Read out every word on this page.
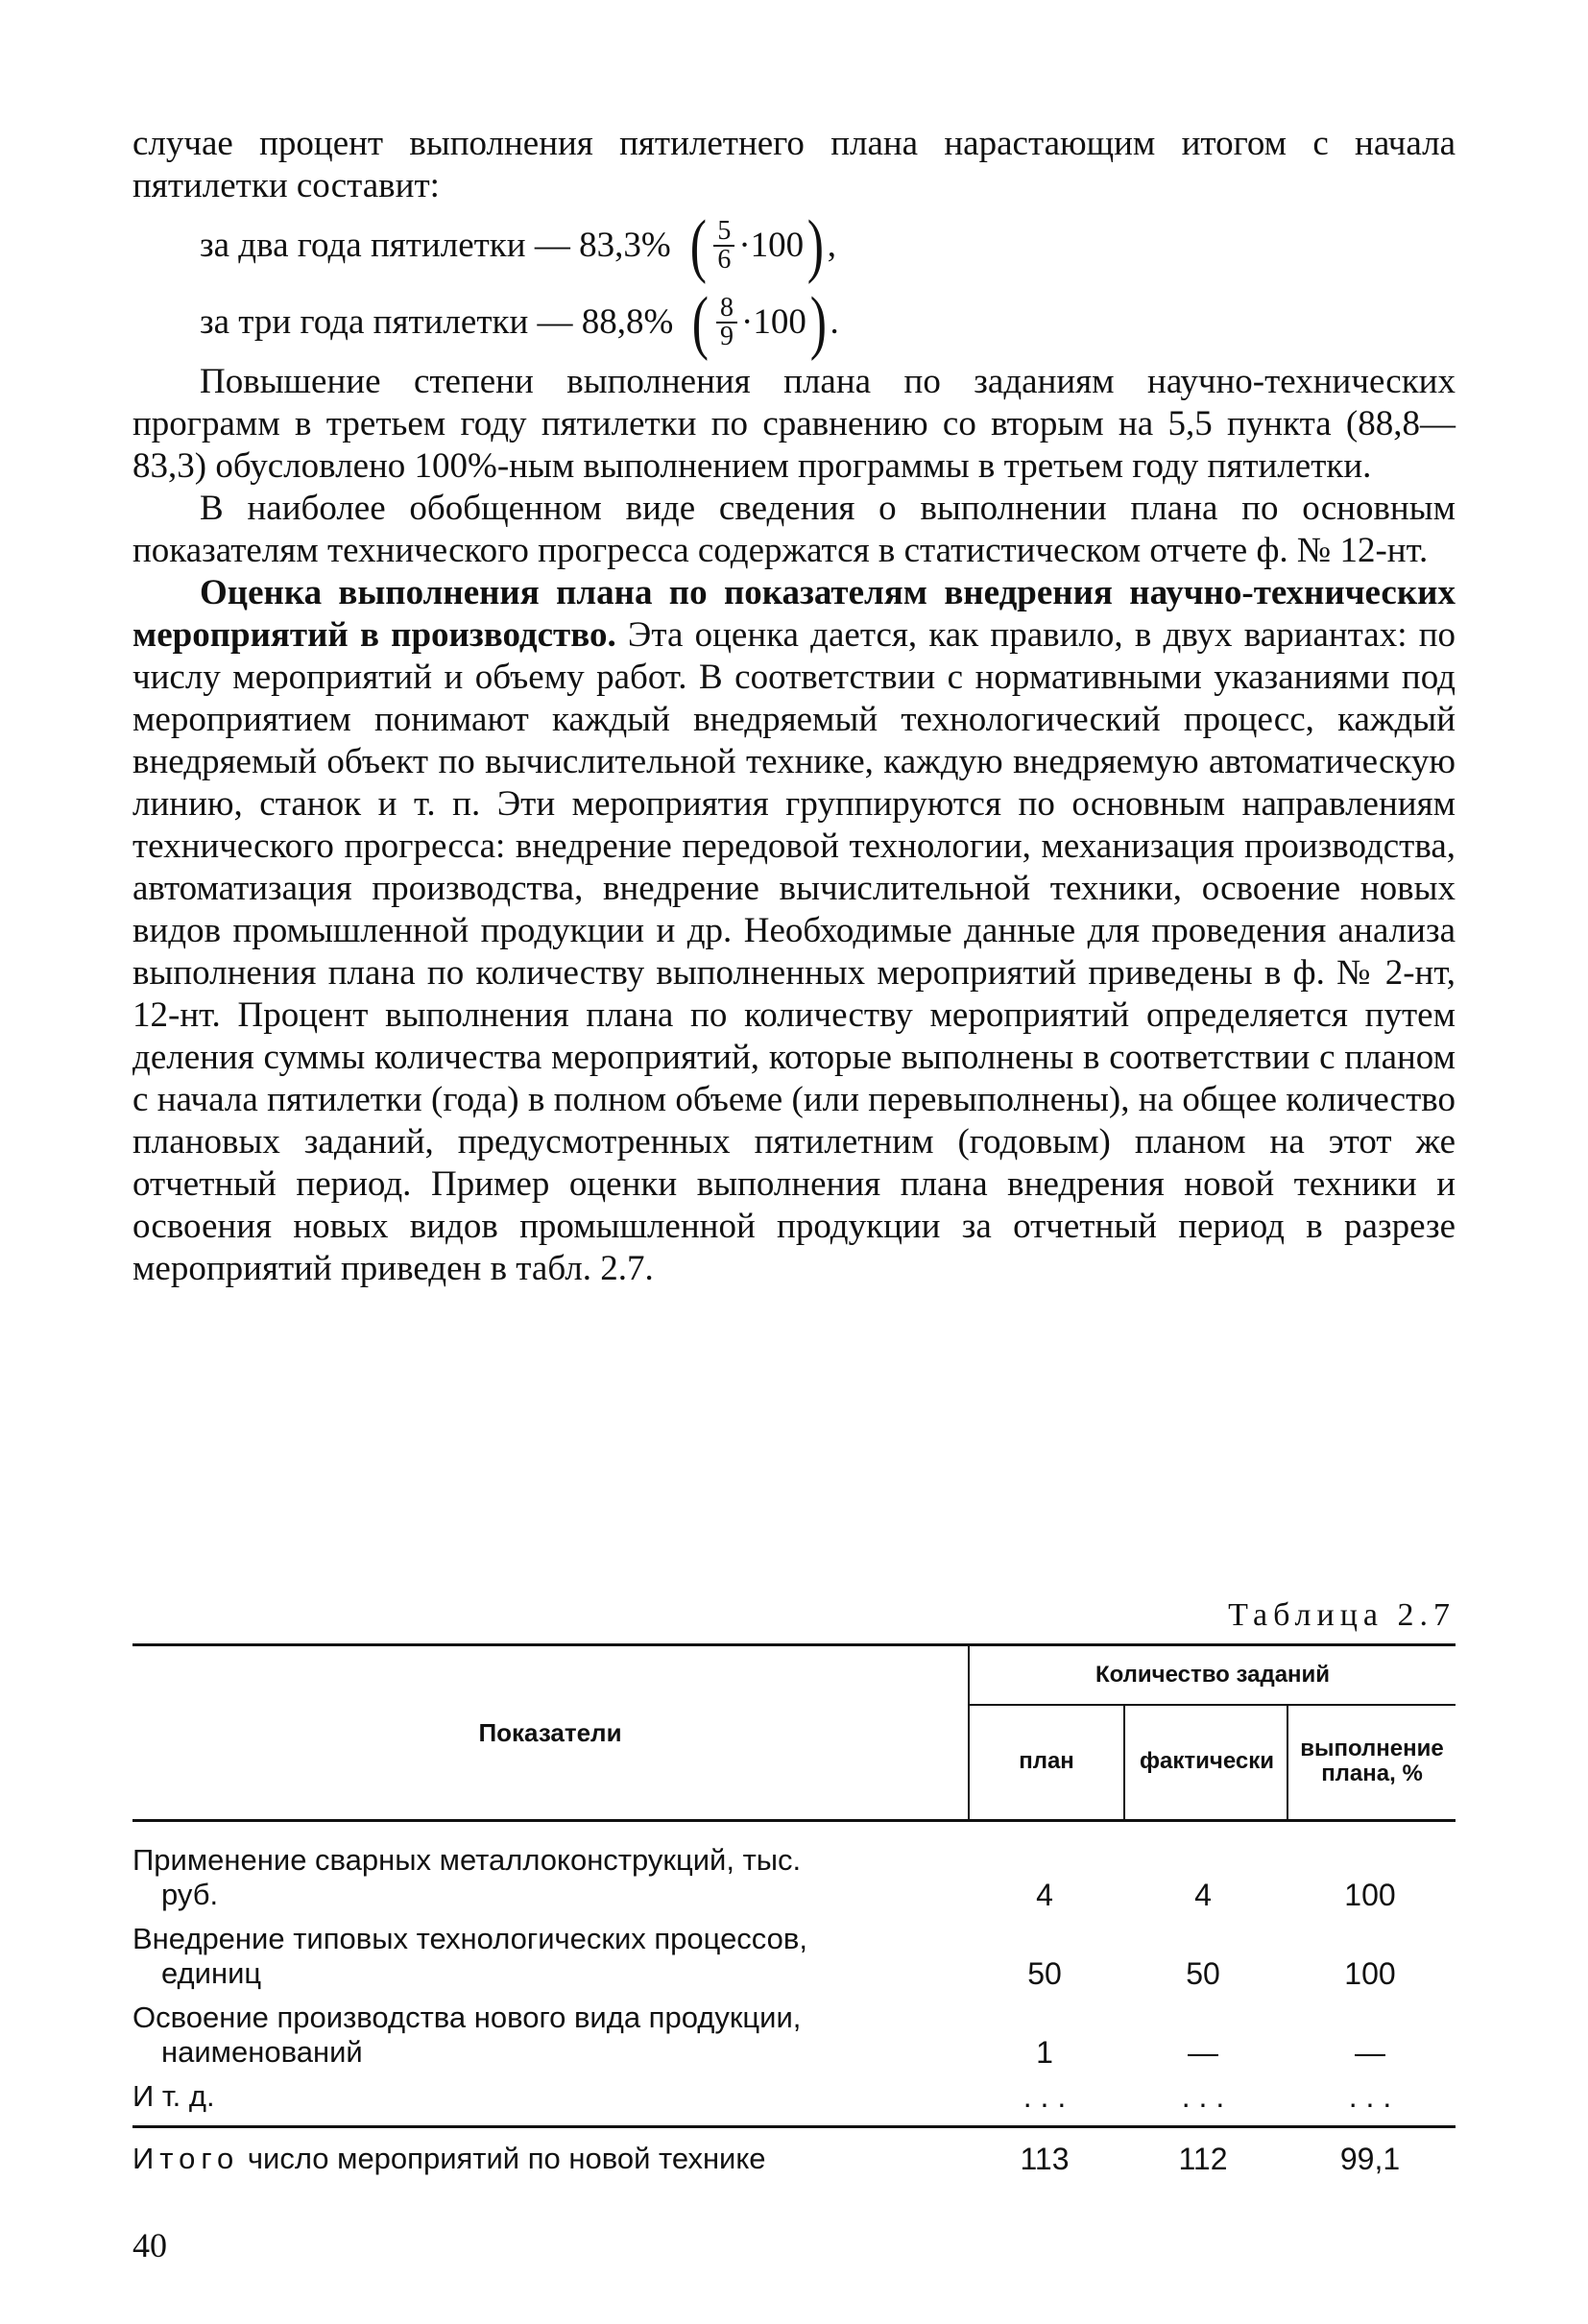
случае процент выполнения пятилетнего плана нарастающим итогом с начала пятилетки составит:

за два года пятилетки — 83,3% ( $\frac{5}{6} \cdot 100$ ) ,
за три года пятилетки — 88,8% ( $\frac{8}{9} \cdot 100$ ) .

Повышение степени выполнения плана по заданиям научно-технических программ в третьем году пятилетки по сравнению со вторым на 5,5 пункта (88,8—83,3) обусловлено 100%-ным выполнением программы в третьем году пятилетки.

В наиболее обобщенном виде сведения о выполнении плана по основным показателям технического прогресса содержатся в статистическом отчете ф. № 12-нт.

Оценка выполнения плана по показателям внедрения научно-технических мероприятий в производство. Эта оценка дается, как правило, в двух вариантах: по числу мероприятий и объему работ. В соответствии с нормативными указаниями под мероприятием понимают каждый внедряемый технологический процесс, каждый внедряемый объект по вычислительной технике, каждую внедряемую автоматическую линию, станок и т. п. Эти мероприятия группируются по основным направлениям технического прогресса: внедрение передовой технологии, механизация производства, автоматизация производства, внедрение вычислительной техники, освоение новых видов промышленной продукции и др. Необходимые данные для проведения анализа выполнения плана по количеству выполненных мероприятий приведены в ф. № 2-нт, 12-нт. Процент выполнения плана по количеству мероприятий определяется путем деления суммы количества мероприятий, которые выполнены в соответствии с планом с начала пятилетки (года) в полном объеме (или перевыполнены), на общее количество плановых заданий, предусмотренных пятилетним (годовым) планом на этот же отчетный период. Пример оценки выполнения плана внедрения новой техники и освоения новых видов промышленной продукции за отчетный период в разрезе мероприятий приведен в табл. 2.7.

Таблица 2.7
Показатели
Количество заданий
план	фактически	выполнение плана, %
Применение сварных металлоконструкций, тыс.
руб.	4	4	100
Внедрение типовых технологических процессов,
единиц	50	50	100
Освоение производства нового вида продукции,
наименований	1	—	—
И т. д.	. . .	. . .	. . .
Итого число мероприятий по новой технике	113	112	99,1
40
